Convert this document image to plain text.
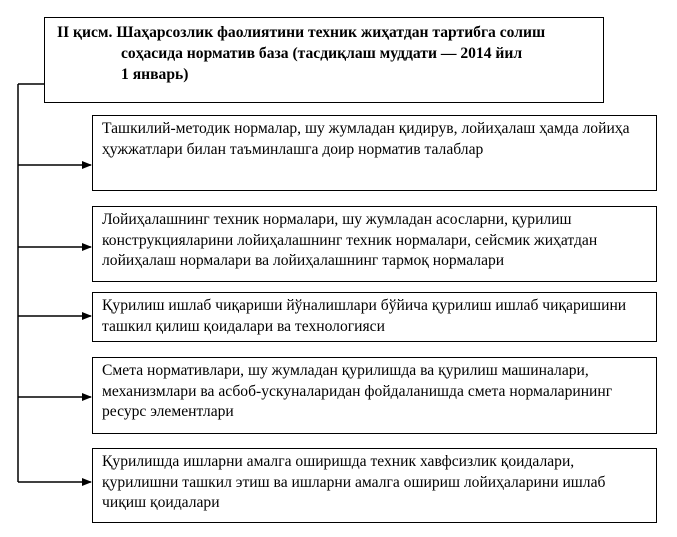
II қисм. Шаҳарсозлик фаолиятини техник жиҳатдан тартибга солиш
соҳасида норматив база (тасдиқлаш муддати — 2014 йил
1 январь)
Ташкилий-методик нормалар, шу жумладан қидирув, лойиҳалаш ҳамда лойиҳа ҳужжатлари билан таъминлашга доир норматив талаблар
Лойиҳалашнинг техник нормалари, шу жумладан асосларни, қурилиш конструкцияларини лойиҳалашнинг техник нормалари, сейсмик жиҳатдан лойиҳалаш нормалари ва лойиҳалашнинг тармоқ нормалари
Қурилиш ишлаб чиқариши йўналишлари бўйича қурилиш ишлаб чиқаришини ташкил қилиш қоидалари ва технологияси
Смета нормативлари, шу жумладан қурилишда ва қурилиш машиналари, механизмлари ва асбоб-ускуналаридан фойдаланишда смета нормаларининг ресурс элементлари
Қурилишда ишларни амалга оширишда техник хавфсизлик қоидалари, қурилишни ташкил этиш ва ишларни амалга ошириш лойиҳаларини ишлаб чиқиш қоидалари
